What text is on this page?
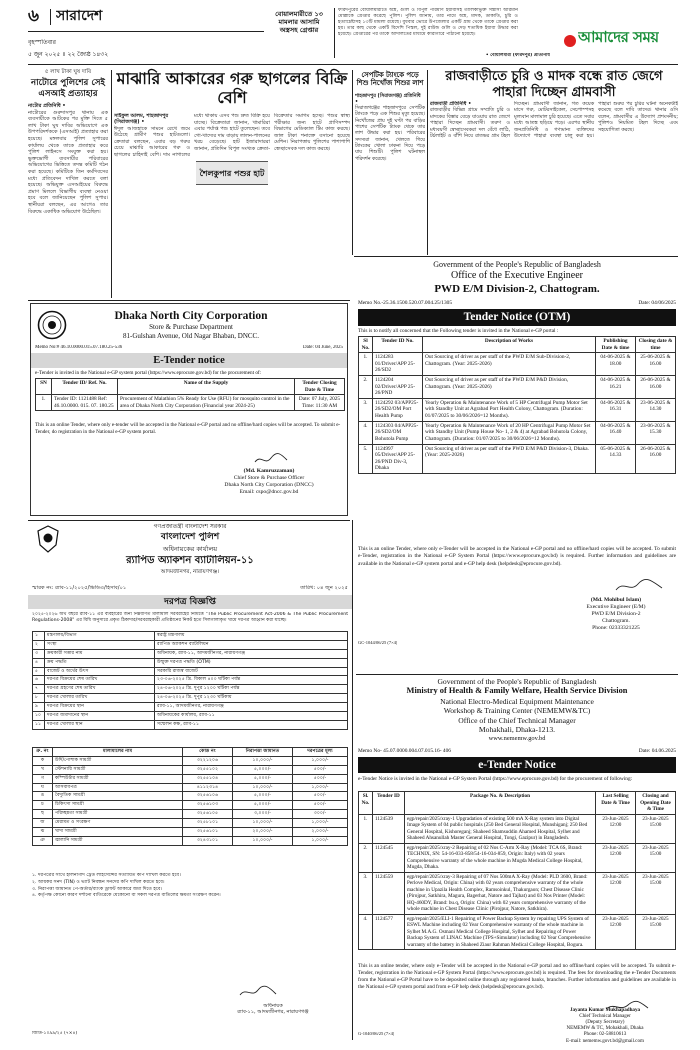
৬	সারাদেশ
বৃহস্পতিবার
৫ জুন ২০২৫ ॥ ২২ জ্যৈষ্ঠ ১৪৩২
বোয়ালমারীতে ১৩
মামলার আসামি
অস্ত্রসহ গ্রেপ্তার
ফরিদপুরের বোয়ালমারীতে অস্ত্র, গুলি ও বিপুল পরিমাণ ইয়াবাসহ তালিকাভুক্ত সন্ত্রাসী আরমান মোল্লাকে গ্রেপ্তার করেছে পুলিশ। পুলিশ জানায়, তার নামে অস্ত্র, মাদক, ডাকাতি, চুরি ও হত্যাচেষ্টাসহ ১৩টি মামলা রয়েছে। বুধবার ভোরে উপজেলার একটি গ্রাম থেকে তাকে গ্রেপ্তার করা হয়। তার কাছ থেকে একটি বিদেশি পিস্তল, দুই রাউন্ড গুলি ও দেড় শতাধিক ইয়াবা উদ্ধার করা হয়েছে। গ্রেপ্তারের পর তাকে আদালতের মাধ্যমে কারাগারে পাঠানো হয়েছে।
• বোয়ালমারী (ফরিদপুর) প্রতিনিধি
আমাদের সময়
৫ লাখ টাকা ঘুষ দাবি
নাটোরে পুলিশের সেই এসআই প্রত্যাহার
নাটোর প্রতিনিধি •
নাটোরের গুরুদাসপুর থানায় এক ব্যবসায়ীকে আটকের পর মুক্তি দিতে ৫ লাখ টাকা ঘুষ দাবির অভিযোগে এক উপপরিদর্শককে (এসআই) প্রত্যাহার করা হয়েছে। মঙ্গলবার পুলিশ সুপারের কার্যালয় থেকে তাকে প্রত্যাহার করে পুলিশ লাইনসে সংযুক্ত করা হয়। ভুক্তভোগী ব্যবসায়ীর পরিবারের অভিযোগের ভিত্তিতে তদন্ত কমিটি গঠন করা হয়েছে। কমিটিকে তিন কর্মদিবসের মধ্যে প্রতিবেদন দাখিল করতে বলা হয়েছে। অভিযুক্ত এসআইয়ের বিরুদ্ধে প্রমাণ মিললে বিভাগীয় ব্যবস্থা নেওয়া হবে বলে জানিয়েছেন পুলিশ সুপার। স্থানীয়রা বলছেন, এর আগেও তার বিরুদ্ধে একাধিক অভিযোগ উঠেছিল।
মাঝারি আকারের গরু ছাগলের বিক্রি বেশি
সাইফুল আলম, শাহজাদপুর (সিরাজগঞ্জ) •
ঈদুল আজহাকে সামনে রেখে জমে উঠেছে গ্রামীণ পশুর হাটগুলো। ক্রেতারা বলছেন, এবার বড় গরুর চেয়ে মাঝারি আকারের গরু ও ছাগলের চাহিদাই বেশি। দাম নাগালের মধ্যে থাকায় এসব পশু দ্রুত বিক্রি হয়ে যাচ্ছে। বিক্রেতারা জানান, খামারিরা এবার পর্যাপ্ত পশু হাটে তুলেছেন। তবে গো-খাদ্যের দাম বাড়ায় লালন-পালনের খরচ বেড়েছে। হাট ইজারাদাররা জানান, প্রতিদিন বিপুল সংখ্যক ক্রেতা-বিক্রেতার সমাগম হচ্ছে। পশুর স্বাস্থ্য পরীক্ষার জন্য হাটে প্রাণিসম্পদ বিভাগের মেডিক্যাল টিম কাজ করছে। জাল টাকা শনাক্তে বসানো হয়েছে মেশিন। নিরাপত্তায় পুলিশের পাশাপাশি স্বেচ্ছাসেবক দল কাজ করছে।
শৈলকুপার পশুর হাট
সেপটিক ট্যাংকে পড়ে শিশু নিখোঁজ শিশুর লাশ
শাহজাদপুর (সিরাজগঞ্জ) প্রতিনিধি •
সিরাজগঞ্জের শাহজাদপুরে সেপটিক ট্যাংকে পড়ে এক শিশুর মৃত্যু হয়েছে। নিখোঁজের প্রায় দুই ঘণ্টা পর বাড়ির পাশের সেপটিক ট্যাংক থেকে তার লাশ উদ্ধার করা হয়। পরিবারের সদস্যরা জানান, খেলতে গিয়ে ট্যাংকের খোলা ঢাকনা দিয়ে পড়ে যায় শিশুটি। পুলিশ ঘটনাস্থল পরিদর্শন করেছে।
রাজবাড়ীতে চুরি ও মাদক বন্ধে রাত জেগে পাহারা দিচ্ছেন গ্রামবাসী
রাজবাড়ী প্রতিনিধি •
রাজবাড়ীর বিভিন্ন গ্রামে সম্প্রতি চুরি ও মাদকের বিস্তার বেড়ে যাওয়ায় রাত জেগে পাহারা দিচ্ছেন গ্রামবাসী। তরুণ ও মধ্যবয়সী স্বেচ্ছাসেবকরা দল বেঁধে লাঠি, টর্চলাইট ও বাঁশি নিয়ে রাতভর গ্রাম টহল দিচ্ছেন। গ্রামবাসী জানান, গত কয়েক মাসে গরু, মোটরসাইকেল, সেচপাম্পসহ মূল্যবান মালামাল চুরি হয়েছে। এতে সবার মধ্যে আতঙ্ক ছড়িয়ে পড়ে। এরপর স্থানীয় জনপ্রতিনিধি ও গণ্যমান্য ব্যক্তিদের উদ্যোগে পাহারা ব্যবস্থা চালু করা হয়। পাহারা শুরুর পর চুরির ঘটনা অনেকটাই কমেছে বলে দাবি তাদের। থানার ওসি বলেন, গ্রামবাসীর এ উদ্যোগ প্রশংসনীয়; পুলিশও নিয়মিত টহল দিচ্ছে এবং সহযোগিতা করছে।
Dhaka North City Corporation
Store & Purchase Department
81-Gulshan Avenue, Old Nagar Bhaban, DNCC.
Memo No:# 46.10.0000.015.07.180.25-536	Date: 04 June, 2025
E-Tender notice
e-Tender is invited in the National e-GP system portal (https://www.eprocure.gov.bd) for the procurement of:
SN	Tender ID/ Ref. No.	Name of the Supply	Tender Closing Date & Time
1.	Tender ID: 1121488 Ref: 46.10.0000. 015. 07. 180.25	Procurement of Malathion 5% Ready for Use (RFU) for mosquito control in the area of Dhaka North City Corporation (Financial year 2024-25)	Date: 07 July, 2025 Time: 11:30 AM
This is an online Tender, where only e-tender will be accepted in the National e-GP portal and no offline/hard copies will be accepted. To submit e-Tender, do registration in the National e-GP system portal.
(Md. Kamruzzaman)
Chief Store & Purchase Officer
Dhaka North City Corporation (DNCC)
Email: cspo@dncc.gov.bd
Government of the People's Republic of Bangladesh
Office of the Executive Engineer
PWD E/M Division-2, Chattogram.
Memo No.-25.36.1500.520.07.004.25/1305	Date: 04/06/2025
Tender Notice (OTM)
This is to notify all concerned that the Following tender is invited in the National e-GP portal :
Sl No.	Tender ID No.	Description of Works	Publishing Date & time	Closing date & time
1.	1124283 01/Driver/APP 25-26/SD2	Out Sourcing of driver as per staff of the PWD E/M Sub-Division-2, Chattogram. (Year: 2025-2026)	04-06-2025 & 18.00	25-06-2025 & 16.00
2.	1124204 02/Driver/APP 25-26/PND	Out Sourcing of driver as per staff of the PWD E/M P&D Division, Chattogram. (Year: 2025-2026)	04-06-2025 & 16.21	26-06-2025 & 16.00
3.	1124292 03/APP25-26/SD2/OM Port Health Pump	Yearly Operation & Maintenance Work of 5 HP Centrifugal Pump Motor Set with Standby Unit at Agrabad Port Health Colony, Chattogram. (Duration: 01/07/2025 to 30/06/2026=12 Months).	04-06-2025 & 16.31	23-06-2025 & 14.30
4.	1124303 04/APP25-26/SD2/OM Bohutola Pump	Yearly Operation & Maintenance Work of 20 HP Centrifugal Pump Motor Set with Standby Unit (Pump House No- 1, 2 & 4) at Agrabad Bohutola Colony, Chattogram. (Duration: 01/07/2025 to 30/06/2026=12 Months).	04-06-2025 & 16.40	23-06-2025 & 15.30
5.	1124997 05/Driver/APP 25-26/PND Div-3, Dhaka	Out Sourcing of driver as per staff of the PWD E/M P&D Division-3, Dhaka. (Year: 2025-2026)	05-06-2025 & 14.33	26-06-2025 & 16.00
This is an online Tender, where only e-Tender will be accepted in the National e-GP portal and no offline/hard copies will be accepted. To submit e-Tender, registration in the National e-GP System Portal (https://www.eprocure.gov.bd) is required. Further information and guidelines are available in the National e-GP system portal and e-GP help desk (helpdesk@eprocure.gov.bd).
(Md. Mohibul Islam)
Executive Engineer (E/M)
PWD E/M Division-2
Chattogram.
Phone: 02333321225
GC-1044/06/25 (7×4)
গণপ্রজাতন্ত্রী বাংলাদেশ সরকার
বাংলাদেশ পুলিশ
অধিনায়কের কার্যালয়
র‍্যাপিড অ্যাকশন ব্যাটালিয়ন-১১
আদমজীনগর, নারায়ণগঞ্জ।
স্মারক নং: র‍্যাব-১১/২০২৫/ভিডিএ/হিসাব/০১	তারিখ: ০৪ জুন ২০২৫
দরপত্র বিজ্ঞপ্তি
২০২৫-২০২৬ অর্থ বছরে র‍্যাব-১১ এর ব্যবহারের জন্য নিম্নবর্ণিত মালামাল সরবরাহের নিমিত্তে "The Public Procurement Act-2006 & The Public Procurement Regulations-2008" এর বিধি অনুসারে প্রকৃত ঠিকাদার/সরবরাহকারী প্রতিষ্ঠানের নিকট হতে সিলগালাকৃত খামে দরপত্র আহ্বান করা যাচ্ছে।
১	মন্ত্রণালয়/বিভাগ	স্বরাষ্ট্র মন্ত্রণালয়
২	সংস্থা	র‍্যাপিড অ্যাকশন ব্যাটালিয়ন
৩	ক্রয়কারী সত্তার নাম	অধিনায়ক, র‍্যাব-১১, আদমজীনগর, নারায়ণগঞ্জ
৪	ক্রয় পদ্ধতি	উন্মুক্ত দরপত্র পদ্ধতি (OTM)
৫	বাজেট ও অর্থের উৎস	সরকারি রাজস্ব বাজেট
৬	দরপত্র বিক্রয়ের শেষ তারিখ	২৩-০৬-২০২৫ খ্রি. বিকাল ৪০০ ঘটিকা পর্যন্ত
৭	দরপত্র গ্রহণের শেষ তারিখ	২৪-০৬-২০২৫ খ্রি. দুপুর ১২০০ ঘটিকা পর্যন্ত
৮	দরপত্র খোলার তারিখ	২৪-০৬-২০২৫ খ্রি. দুপুর ১২৩০ ঘটিকায়
৯	দরপত্র বিক্রয়ের স্থান	র‍্যাব-১১, আদমজীনগর, নারায়ণগঞ্জ
১০	দরপত্র জমাদানের স্থান	অধিনায়কের কার্যালয়, র‍্যাব-১১
১১	দরপত্র খোলার স্থান	সম্মেলন কক্ষ, র‍্যাব-১১
ক্র. নং	মালামালের নাম	কোড নং	নিরাপত্তা জামানত	দরপত্রের মূল্য
ক	উর্দি/পোশাক সামগ্রী	৩২২১২০৬	১০,০০০/-	১,০০০/-
খ	স্টেশনারি সামগ্রী	৩২৫৫১০২	৫,০০০/-	৫০০/-
গ	কম্পিউটার সামগ্রী	৩২৫৫১০৪	৫,০০০/-	৫০০/-
ঘ	আসবাবপত্র	৪১১২৩১৪	১০,০০০/-	১,০০০/-
ঙ	বৈদ্যুতিক সামগ্রী	৩২৫৬১০৬	৫,০০০/-	৫০০/-
চ	চিকিৎসা সামগ্রী	৩২৫৬১০৩	৫,০০০/-	৫০০/-
ছ	পরিচ্ছন্নতা সামগ্রী	৩২৫৬১০৫	৩,০০০/-	৩০০/-
জ	মেরামত ও সংরক্ষণ	৩২৫৮১০১	১০,০০০/-	১,০০০/-
ঝ	খাদ্য সামগ্রী	৩২৫৬১০১	২০,০০০/-	২,০০০/-
ঞ	জ্বালানি সামগ্রী	৩২৪৩১০১	১০,০০০/-	১,০০০/-
১. দরপত্রের সাথে হালনাগাদ ট্রেড লাইসেন্সের সত্যায়িত কপি দাখিল করতে হবে।
২. আয়কর সনদ (TIN) ও ভ্যাট নিবন্ধন সনদের কপি দাখিল করতে হবে।
৩. নিরাপত্তা জামানত পে-অর্ডার/ব্যাংক ড্রাফট আকারে জমা দিতে হবে।
৪. কর্তৃপক্ষ কোনো কারণ দর্শানো ব্যতিরেকে যেকোনো বা সকল দরপত্র বাতিলের ক্ষমতা সংরক্ষণ করেন।
অধিনায়ক
র‍্যাব-১১, আদমজীনগর, নারায়ণগঞ্জ
জিডি-১০৯৯/২৫ (৭×৪)
Government of the People's Republic of Bangladesh
Ministry of Health & Family Welfare, Health Service Division
National Electro-Medical Equipment Maintenance
Workshop & Training Center (NEMEMW&TC)
Office of the Chief Technical Manager
Mohakhali, Dhaka-1213.
www.nememw.gov.bd
Memo No- 45.07.0000.004.07.015.16- 406	Date: 04.06.2025
e-Tender Notice
e-Tender Notice is invited in the National e-GP System Portal (https://www.eprocure.gov.bd) for the procurement of following:
Sl. No.	Tender ID	Package No. & Description	Last Selling Date & Time	Closing and Opening Date & Time
1.	1124539	egp/repair/2025/xray-1 Upgradation of existing 500 mA X-Ray system into Digital Image System of 04 public hospitals (250 Bed General Hospital, Munshiganj; 250 Bed General Hospital, Kishoreganj; Shaheed Shamsuddin Ahamed Hospital, Sylhet and Shaheed Ahsanullah Master General Hospital, Tongi, Gazipur) in Bangladesh.	23-Jun-2025 12:00	23-Jun-2025 15:00
2.	1124545	egp/repair/2025/xray-2 Repairing of 02 Nos C-Arm X-Ray (Model: TCA 6S, Brand: TECHNIX, SN: 54-16-033-858/54-16-034-859, Origin: Italy) with 02 years Comprehensive warranty of the whole machine in Mugda Medical College Hospital, Mugda, Dhaka.	23-Jun-2025 12:00	23-Jun-2025 15:00
3.	1124559	egp/repair/2025/xray-3 Repairing of 07 Nos 500mA X-Ray (Model: PLD 3600, Brand: Perlove Medical, Origin: China) with 02 years comprehensive warranty of the whole machine in Upazila Health Complex, Ramsoinkul, Thakurgaon; Chest Disease Clinic (Pirojpur, Satkhira, Magura, Bagerhat, Natore and Tajhat) and 03 Nos Printer (Model: HQ-460DY, Brand: bu.q, Origin: China) with 02 years comprehensive warranty of the whole machine in Chest Disease Clinic (Pirojpur, Natore, Satkhira).	23-Jun-2025 12:00	23-Jun-2025 15:00
4.	1124577	egp/repair/2025/ELI-1 Repairing of Power Backup System by repairing UPS System of ESWL Machine including 02 Year Comprehensive warranty of the whole machine in Sylhet M.A.G. Osmani Medical College Hospital, Sylhet and Repairing of Power Backup System of LINAC Machine (TPS+Simulator) including 02 Year Comprehensive warranty of the battery in Shaheed Ziaur Rahman Medical College Hospital, Bogura.	23-Jun-2025 12:00	23-Jun-2025 15:00
This is an online tender, where only e-Tender will be accepted in the National e-GP portal and no offline/hard copies will be accepted. To submit e-Tender, registration in the National e-GP System Portal (https://www.eprocure.gov.bd) is required. The fees for downloading the e-Tender Documents from the National e-GP Portal have to be deposited online through any registered banks, branches. Further information and guidelines are available in the National e-GP system portal and from e-GP help desk (helpdesk@eprocure.gov.bd).
Jayanta Kumar Mukhapadhaya
Chief Technical Manager
(Deputy Secretary)
NEMEMW & TC, Mohakhali, Dhaka
Phone: 02-58810613
E-mail: nememw.govt.bd@gmail.com
G-1040/06/25 (7×4)
